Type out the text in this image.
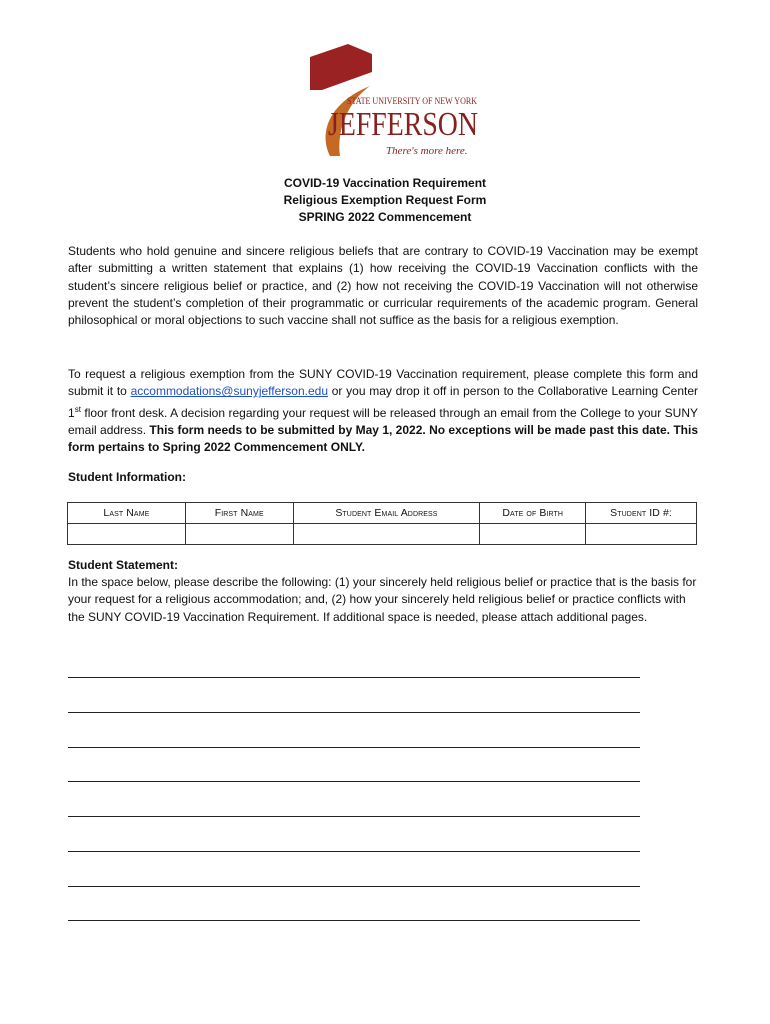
STATE UNIVERSITY OF NEW YORK
JEFFERSON
There's more here.
COVID-19 Vaccination Requirement
Religious Exemption Request Form
SPRING 2022 Commencement
Students who hold genuine and sincere religious beliefs that are contrary to COVID-19 Vaccination may be exempt after submitting a written statement that explains (1) how receiving the COVID-19 Vaccination conflicts with the student’s sincere religious belief or practice, and (2) how not receiving the COVID-19 Vaccination will not otherwise prevent the student’s completion of their programmatic or curricular requirements of the academic program. General philosophical or moral objections to such vaccine shall not suffice as the basis for a religious exemption.
To request a religious exemption from the SUNY COVID-19 Vaccination requirement, please complete this form and submit it to accommodations@sunyjefferson.edu or you may drop it off in person to the Collaborative Learning Center 1st floor front desk. A decision regarding your request will be released through an email from the College to your SUNY email address. This form needs to be submitted by May 1, 2022. No exceptions will be made past this date. This form pertains to Spring 2022 Commencement ONLY.
Student Information:
Last Name	First Name	Student Email Address	Date of Birth	Student ID #:

Student Statement:
In the space below, please describe the following: (1) your sincerely held religious belief or practice that is the basis for your request for a religious accommodation; and, (2) how your sincerely held religious belief or practice conflicts with the SUNY COVID-19 Vaccination Requirement. If additional space is needed, please attach additional pages.
